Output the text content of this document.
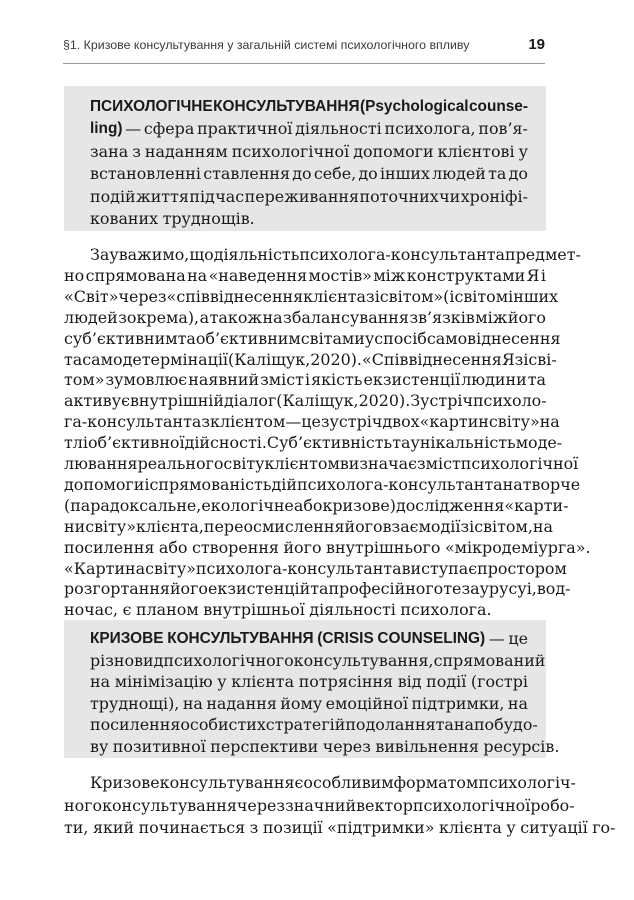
§1. Кризове консультування у загальній системі психологічного впливу	19
ПСИХОЛОГІЧНЕ КОНСУЛЬТУВАННЯ (Psychological counse-
ling) — сфера практичної діяльності психолога, пов’я-
зана з наданням психологічної допомоги клієнтові у
встановленні ставлення до себе, до інших людей та до
подій життя під час переживання поточних чи хроніфі-
кованих труднощів.
Зауважимо, що діяльність психолога-консультанта предмет-
но спрямована на «наведення мостів» між конструктами Я і
«Світ» через «співвіднесення клієнта зі світом» (і світом інших
людей зокрема), а також на збалансування зв’язків між його
суб’єктивним та об’єктивним світами у спосіб самовіднесення
та самодетермінації (Каліщук, 2020). «Співвіднесення Я зі сві-
том» зумовлює наявний зміст і якість екзистенції людини та
активує внутрішній діалог (Каліщук, 2020). Зустріч психоло-
га-консультанта з клієнтом — це зустріч двох «картин світу» на
тлі об’єктивної дійсності. Суб’єктивність та унікальність моде-
лювання реального світу клієнтом визначає зміст психологічної
допомоги і спрямованість дій психолога-консультанта на творче
(парадоксальне, екологічне або кризове) дослідження «карти-
ни світу» клієнта, переосмислення його взаємодії зі світом, на
посилення або створення його внутрішнього «мікродеміурга».
«Картина світу» психолога-консультанта виступає простором
розгортання його екзистенцій та професійного тезаурусу і, вод-
ночас, є планом внутрішньої діяльності психолога.
КРИЗОВЕ КОНСУЛЬТУВАННЯ (CRISIS COUNSELING) — це
різновид психологічного консультування, спрямований
на мінімізацію у клієнта потрясіння від події (гострі
труднощі), на надання йому емоційної підтримки, на
посилення особистих стратегій подолання та на побудо-
ву позитивної перспективи через вивільнення ресурсів.
Кризове консультування є особливим форматом психологіч-
ного консультування через значний вектор психологічної робо-
ти, який починається з позиції «підтримки» клієнта у ситуації го-
